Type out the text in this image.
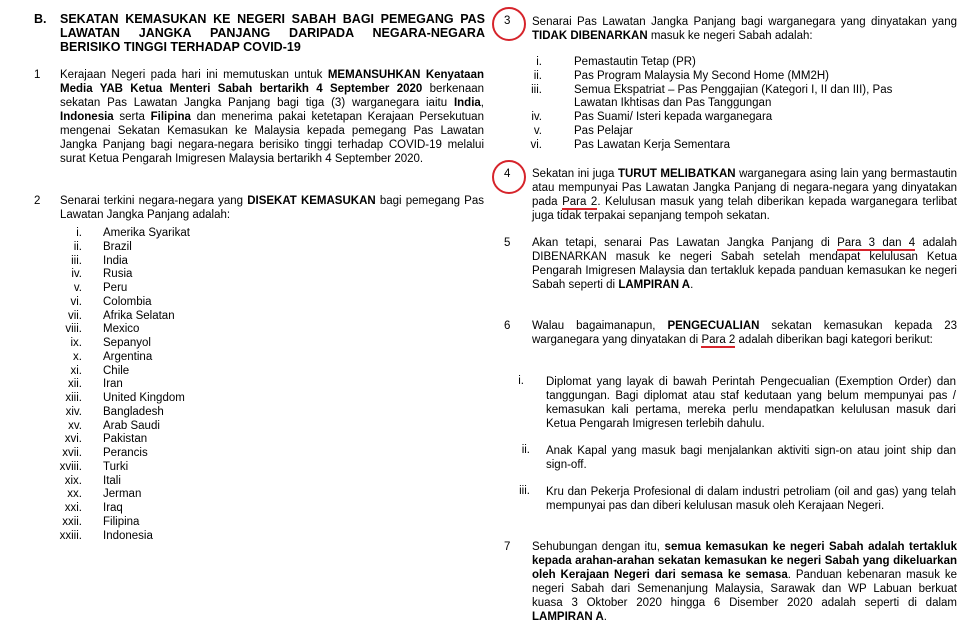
B. SEKATAN KEMASUKAN KE NEGERI SABAH BAGI PEMEGANG PAS LAWATAN JANGKA PANJANG DARIPADA NEGARA-NEGARA BERISIKO TINGGI TERHADAP COVID-19
1 Kerajaan Negeri pada hari ini memutuskan untuk MEMANSUHKAN Kenyataan Media YAB Ketua Menteri Sabah bertarikh 4 September 2020 berkenaan sekatan Pas Lawatan Jangka Panjang bagi tiga (3) warganegara iaitu India, Indonesia serta Filipina dan menerima pakai ketetapan Kerajaan Persekutuan mengenai Sekatan Kemasukan ke Malaysia kepada pemegang Pas Lawatan Jangka Panjang bagi negara-negara berisiko tinggi terhadap COVID-19 melalui surat Ketua Pengarah Imigresen Malaysia bertarikh 4 September 2020.
2 Senarai terkini negara-negara yang DISEKAT KEMASUKAN bagi pemegang Pas Lawatan Jangka Panjang adalah:
i. Amerika Syarikat
ii. Brazil
iii. India
iv. Rusia
v. Peru
vi. Colombia
vii. Afrika Selatan
viii. Mexico
ix. Sepanyol
x. Argentina
xi. Chile
xii. Iran
xiii. United Kingdom
xiv. Bangladesh
xv. Arab Saudi
xvi. Pakistan
xvii. Perancis
xviii. Turki
xix. Itali
xx. Jerman
xxi. Iraq
xxii. Filipina
xxiii. Indonesia
3 Senarai Pas Lawatan Jangka Panjang bagi warganegara yang dinyatakan yang TIDAK DIBENARKAN masuk ke negeri Sabah adalah:
i.	Pemastautin Tetap (PR)
ii.	Pas Program Malaysia My Second Home (MM2H)
iii.	Semua Ekspatriat – Pas Penggajian (Kategori I, II dan III), Pas
Lawatan Ikhtisas dan Pas Tanggungan
iv.	Pas Suami/ Isteri kepada warganegara
v.	Pas Pelajar
vi.	Pas Lawatan Kerja Sementara
4 Sekatan ini juga TURUT MELIBATKAN warganegara asing lain yang bermastautin atau mempunyai Pas Lawatan Jangka Panjang di negara-negara yang dinyatakan pada Para 2. Kelulusan masuk yang telah diberikan kepada warganegara terlibat juga tidak terpakai sepanjang tempoh sekatan.
5 Akan tetapi, senarai Pas Lawatan Jangka Panjang di Para 3 dan 4 adalah DIBENARKAN masuk ke negeri Sabah setelah mendapat kelulusan Ketua Pengarah Imigresen Malaysia dan tertakluk kepada panduan kemasukan ke negeri Sabah seperti di LAMPIRAN A.
6 Walau bagaimanapun, PENGECUALIAN sekatan kemasukan kepada 23 warganegara yang dinyatakan di Para 2 adalah diberikan bagi kategori berikut:
i. Diplomat yang layak di bawah Perintah Pengecualian (Exemption Order) dan tanggungan. Bagi diplomat atau staf kedutaan yang belum mempunyai pas / kemasukan kali pertama, mereka perlu mendapatkan kelulusan masuk dari Ketua Pengarah Imigresen terlebih dahulu.
ii. Anak Kapal yang masuk bagi menjalankan aktiviti sign-on atau joint ship dan sign-off.
iii. Kru dan Pekerja Profesional di dalam industri petroliam (oil and gas) yang telah mempunyai pas dan diberi kelulusan masuk oleh Kerajaan Negeri.
7 Sehubungan dengan itu, semua kemasukan ke negeri Sabah adalah tertakluk kepada arahan-arahan sekatan kemasukan ke negeri Sabah yang dikeluarkan oleh Kerajaan Negeri dari semasa ke semasa. Panduan kebenaran masuk ke negeri Sabah dari Semenanjung Malaysia, Sarawak dan WP Labuan berkuat kuasa 3 Oktober 2020 hingga 6 Disember 2020 adalah seperti di dalam LAMPIRAN A.
